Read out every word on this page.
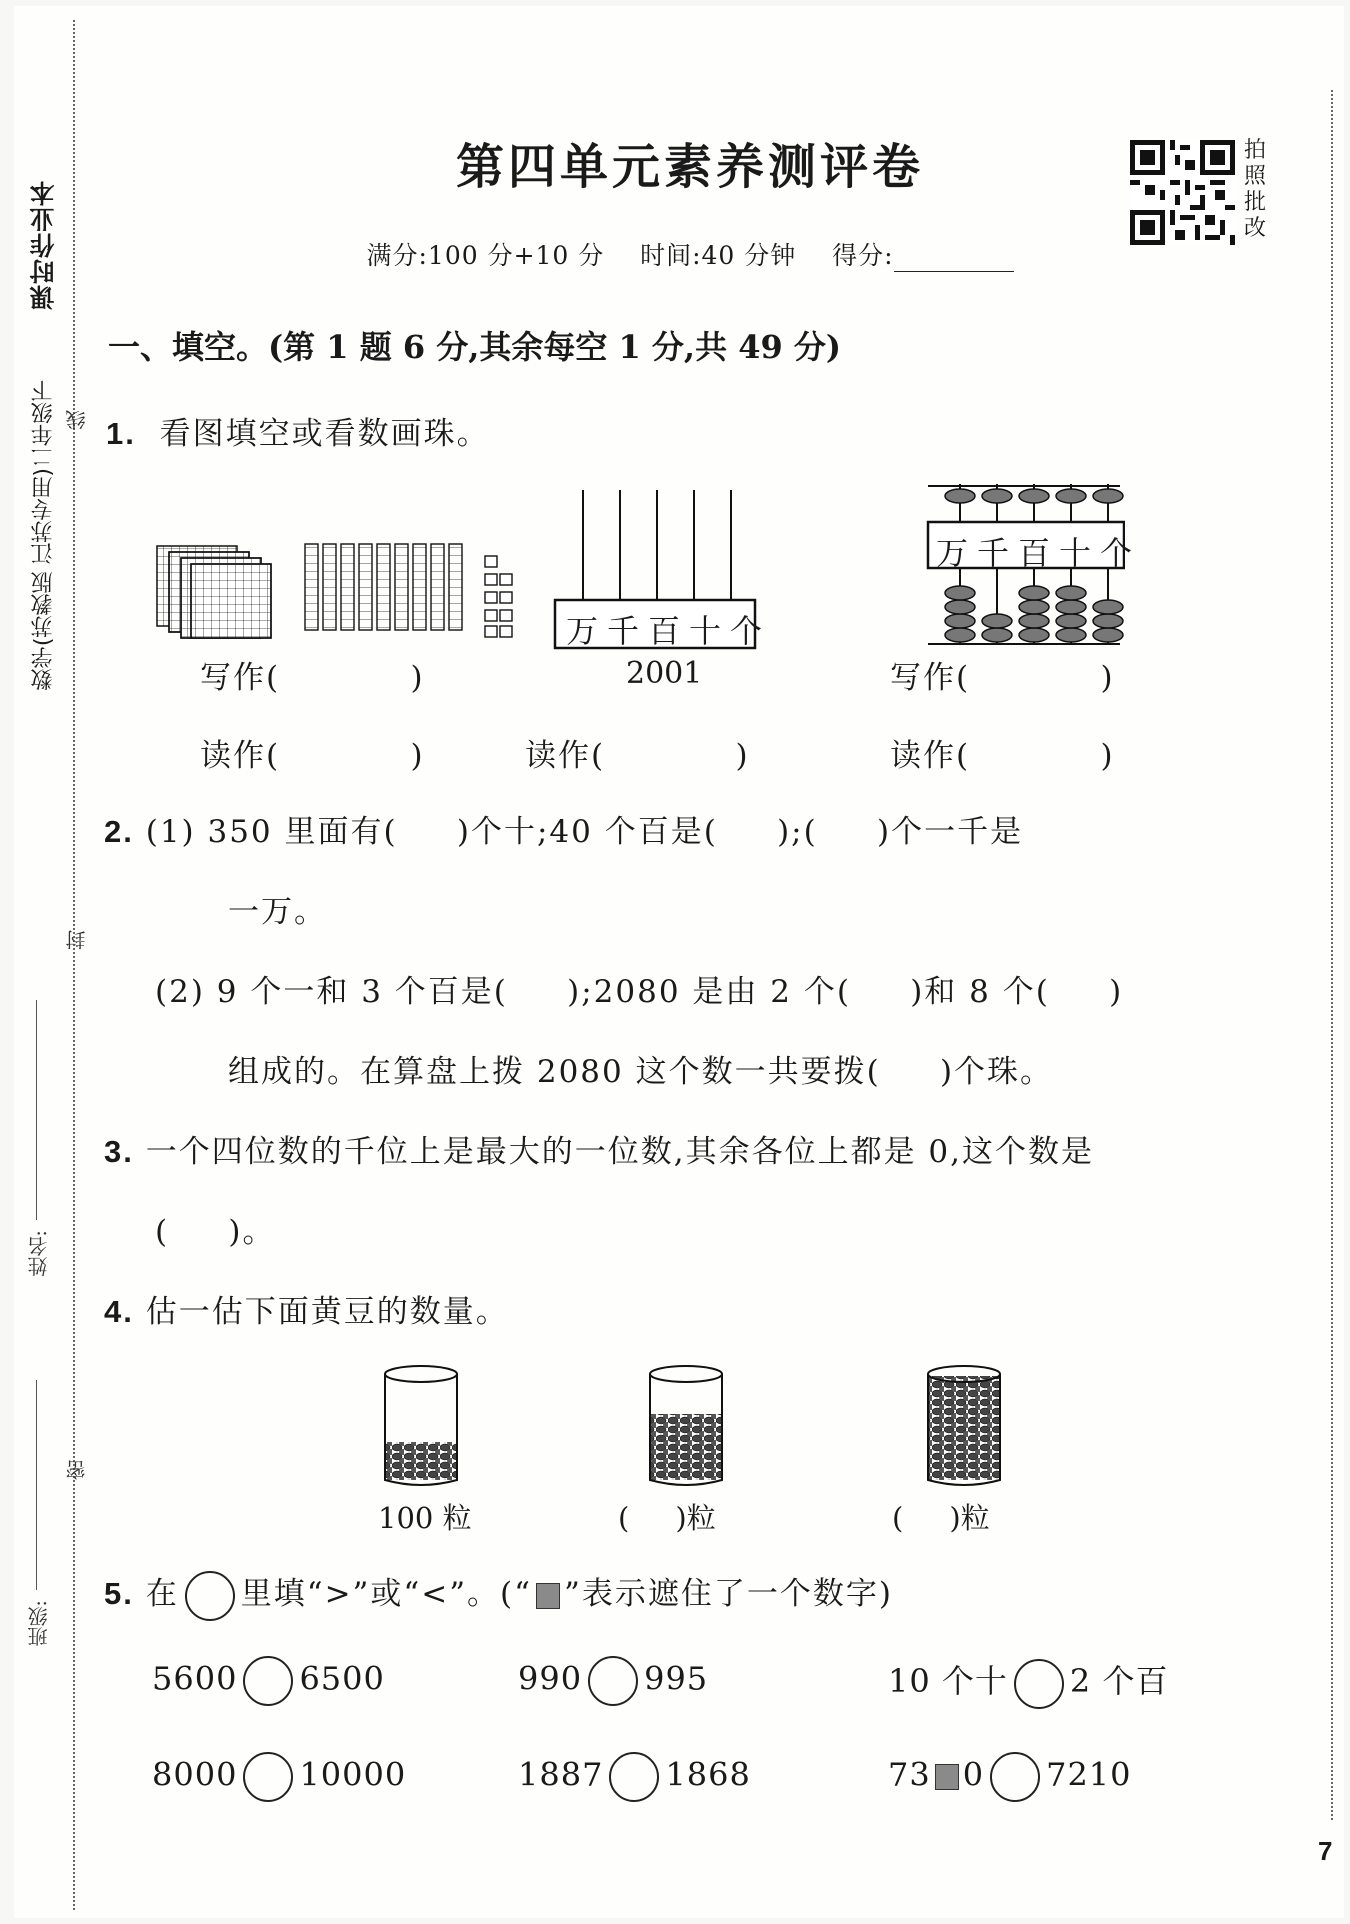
课时作业本
数学(苏教版 江苏专用)二年级下 线
封
密
姓名:
班级:
第四单元素养测评卷
满分:100 分+10 分 时间:40 分钟 得分:
拍
照
批
改
一、填空。(第 1 题 6 分,其余每空 1 分,共 49 分)
1. 看图填空或看数画珠。
万千百十个
2001
万千百十个
写作(           )
读作(           )	读作(           )
写作(           )
读作(           )
2. (1) 350 里面有(     )个十;40 个百是(     );(     )个一千是
一万。
(2) 9 个一和 3 个百是(     );2080 是由 2 个(     )和 8 个(     )
组成的。在算盘上拨 2080 这个数一共要拨(     )个珠。
3. 一个四位数的千位上是最大的一位数,其余各位上都是 0,这个数是
(     )。
4. 估一估下面黄豆的数量。
100 粒	(     )粒	(     )粒
5. 在 里填“>”或“<”。(“ ”表示遮住了一个数字)
5600 6500	990 995	10 个十 2 个百
8000 10000	1887 1868	73 0 7210
7
